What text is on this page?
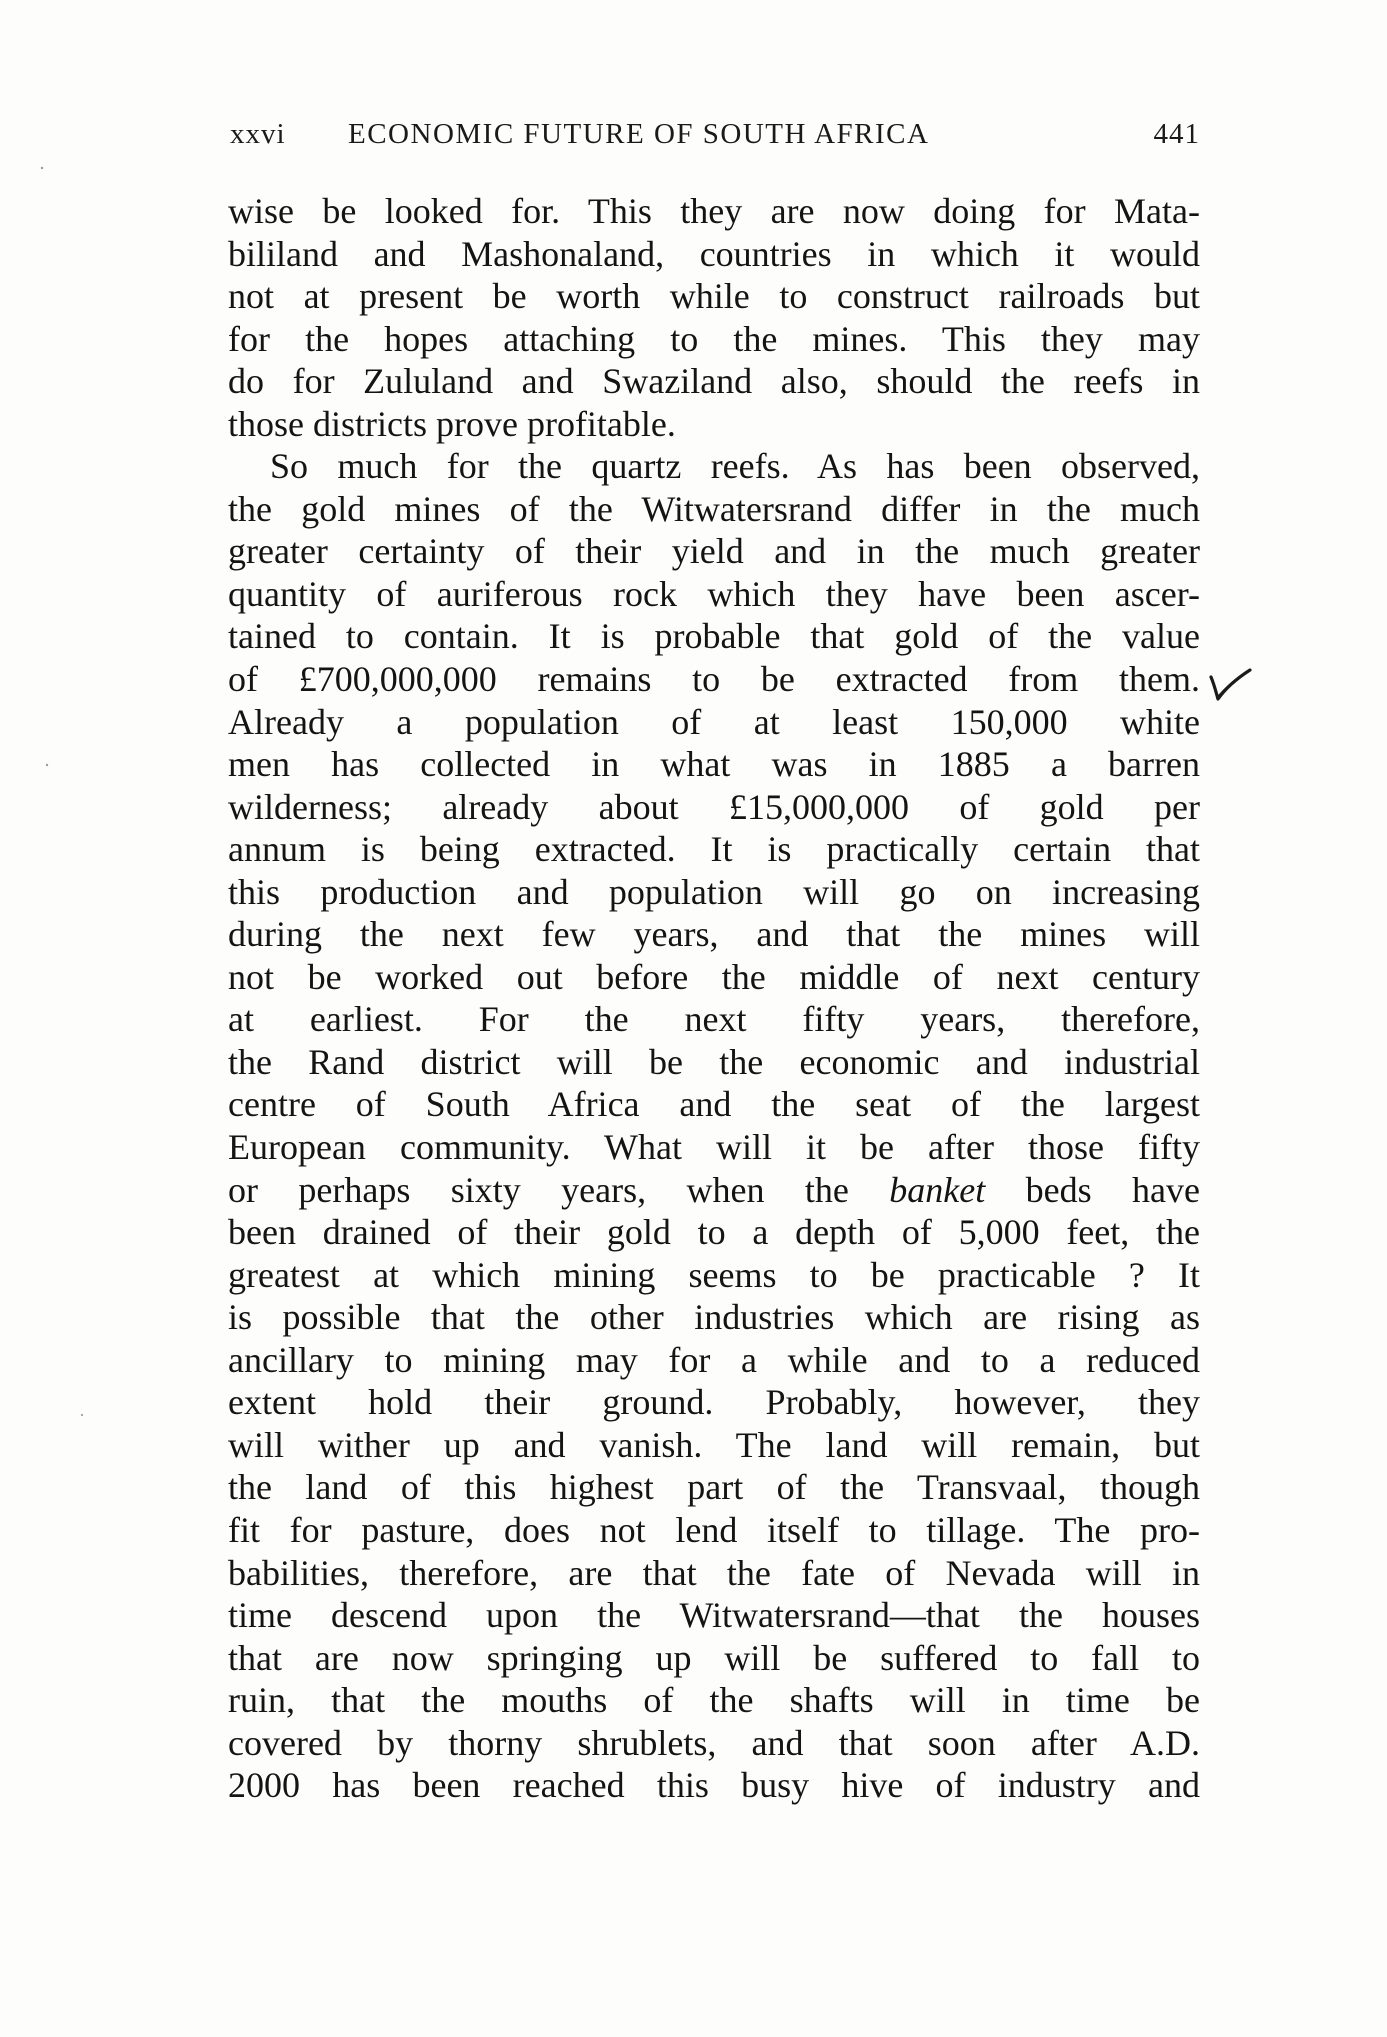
xxvi ECONOMIC FUTURE OF SOUTH AFRICA	441
wise be looked for. This they are now doing for Mata-
bililand and Mashonaland, countries in which it would
not at present be worth while to construct railroads but
for the hopes attaching to the mines. This they may
do for Zululand and Swaziland also, should the reefs in
those districts prove profitable.
So much for the quartz reefs. As has been observed,
the gold mines of the Witwatersrand differ in the much
greater certainty of their yield and in the much greater
quantity of auriferous rock which they have been ascer-
tained to contain. It is probable that gold of the value
of £700,000,000 remains to be extracted from them.
Already a population of at least 150,000 white
men has collected in what was in 1885 a barren
wilderness; already about £15,000,000 of gold per
annum is being extracted. It is practically certain that
this production and population will go on increasing
during the next few years, and that the mines will
not be worked out before the middle of next century
at earliest. For the next fifty years, therefore,
the Rand district will be the economic and industrial
centre of South Africa and the seat of the largest
European community. What will it be after those fifty
or perhaps sixty years, when the banket beds have
been drained of their gold to a depth of 5,000 feet, the
greatest at which mining seems to be practicable ? It
is possible that the other industries which are rising as
ancillary to mining may for a while and to a reduced
extent hold their ground. Probably, however, they
will wither up and vanish. The land will remain, but
the land of this highest part of the Transvaal, though
fit for pasture, does not lend itself to tillage. The pro-
babilities, therefore, are that the fate of Nevada will in
time descend upon the Witwatersrand—that the houses
that are now springing up will be suffered to fall to
ruin, that the mouths of the shafts will in time be
covered by thorny shrublets, and that soon after A.D.
2000 has been reached this busy hive of industry and
